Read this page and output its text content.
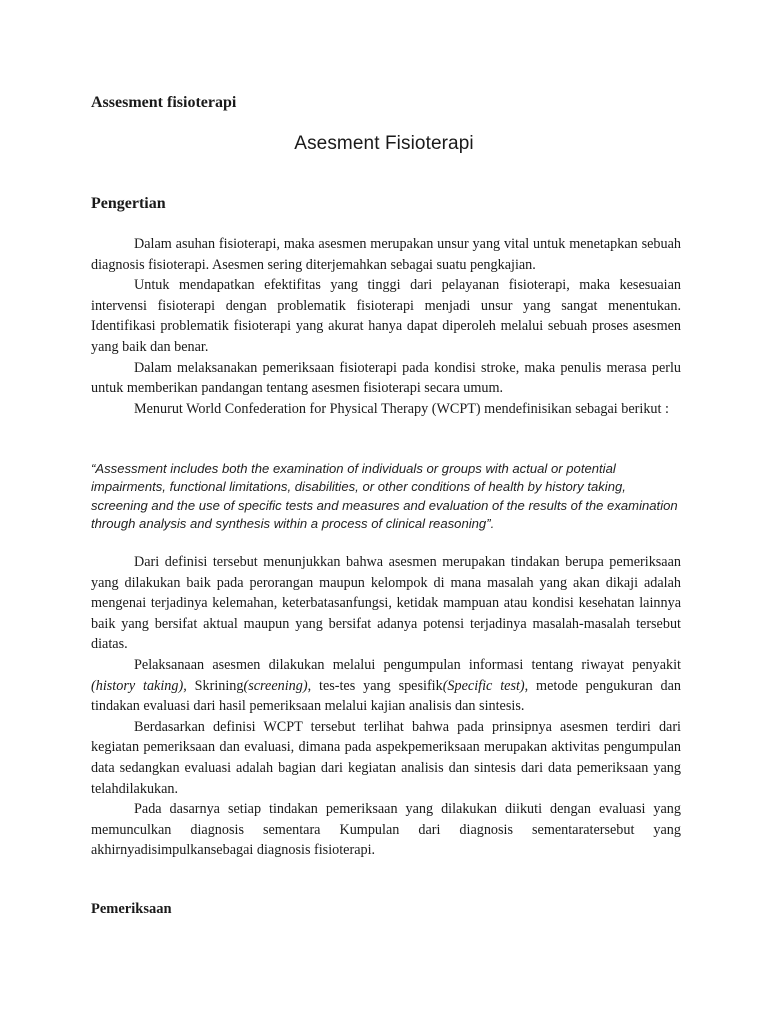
Assesment fisioterapi
Asesment Fisioterapi
Pengertian

Dalam asuhan fisioterapi, maka asesmen merupakan unsur yang vital untuk menetapkan sebuah diagnosis fisioterapi. Asesmen sering diterjemahkan sebagai suatu pengkajian.

Untuk mendapatkan efektifitas yang tinggi dari pelayanan fisioterapi, maka kesesuaian intervensi fisioterapi dengan problematik fisioterapi menjadi unsur yang sangat menentukan. Identifikasi problematik fisioterapi yang akurat hanya dapat diperoleh melalui sebuah proses asesmen yang baik dan benar.

Dalam melaksanakan pemeriksaan fisioterapi pada kondisi stroke, maka penulis merasa perlu untuk memberikan pandangan tentang asesmen fisioterapi secara umum.

Menurut World Confederation for Physical Therapy (WCPT) mendefinisikan sebagai berikut :

“Assessment includes both the examination of individuals or groups with actual or potential impairments, functional limitations, disabilities, or other conditions of health by history taking, screening and the use of specific tests and measures and evaluation of the results of the examination through analysis and synthesis within a process of clinical reasoning”.

Dari definisi tersebut menunjukkan bahwa asesmen merupakan tindakan berupa pemeriksaan yang dilakukan baik pada perorangan maupun kelompok di mana masalah yang akan dikaji adalah mengenai terjadinya kelemahan, keterbatasanfungsi, ketidak mampuan atau kondisi kesehatan lainnya baik yang bersifat aktual maupun yang bersifat adanya potensi terjadinya masalah-masalah tersebut diatas.

Pelaksanaan asesmen dilakukan melalui pengumpulan informasi tentang riwayat penyakit (history taking), Skrining(screening), tes-tes yang spesifik(Specific test), metode pengukuran dan tindakan evaluasi dari hasil pemeriksaan melalui kajian analisis dan sintesis.

Berdasarkan definisi WCPT tersebut terlihat bahwa pada prinsipnya asesmen terdiri dari kegiatan pemeriksaan dan evaluasi, dimana pada aspekpemeriksaan merupakan aktivitas pengumpulan data sedangkan evaluasi adalah bagian dari kegiatan analisis dan sintesis dari data pemeriksaan yang telahdilakukan.

Pada dasarnya setiap tindakan pemeriksaan yang dilakukan diikuti dengan evaluasi yang memunculkan diagnosis sementara Kumpulan dari diagnosis sementaratersebut yang akhirnyadisimpulkansebagai diagnosis fisioterapi.

Pemeriksaan
